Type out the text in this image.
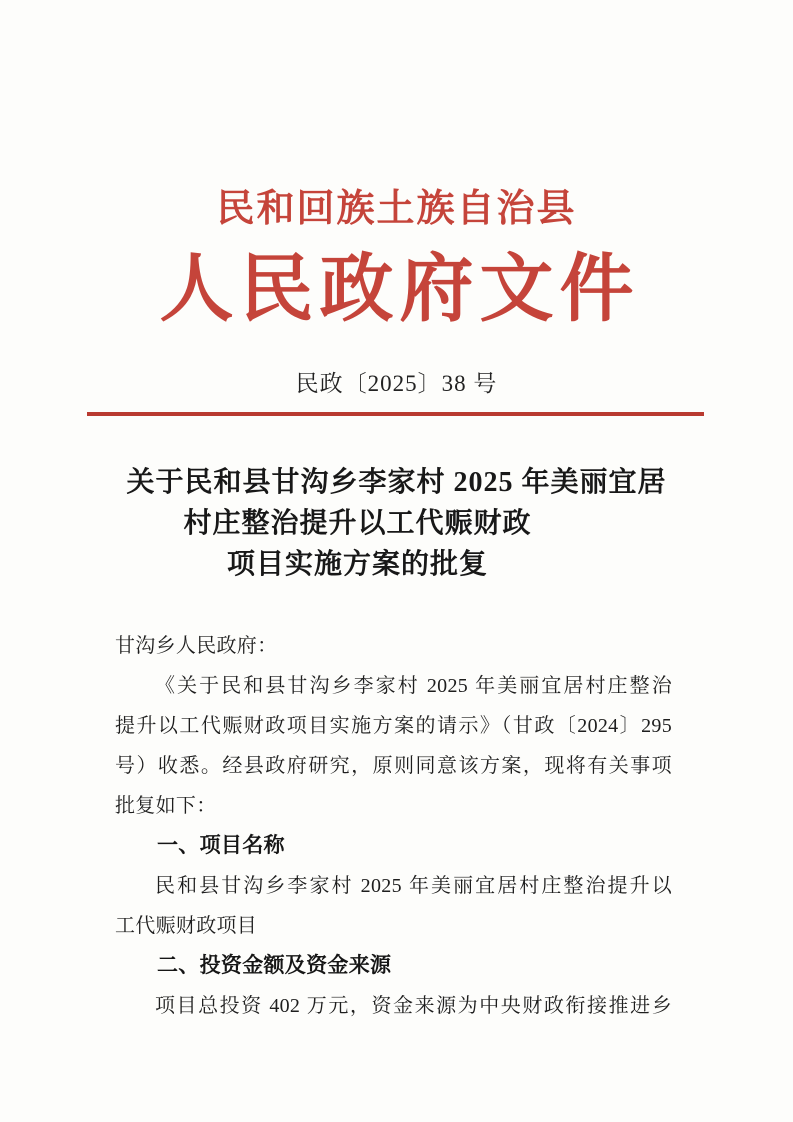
民和回族土族自治县
人民政府文件
民政〔2025〕38 号
关于民和县甘沟乡李家村 2025 年美丽宜居
村庄整治提升以工代赈财政
项目实施方案的批复
甘沟乡人民政府：
《关于民和县甘沟乡李家村 2025 年美丽宜居村庄整治
提升以工代赈财政项目实施方案的请示》（甘政〔2024〕295
号）收悉。经县政府研究，原则同意该方案，现将有关事项
批复如下：
一、项目名称
民和县甘沟乡李家村 2025 年美丽宜居村庄整治提升以
工代赈财政项目
二、投资金额及资金来源
项目总投资 402 万元，资金来源为中央财政衔接推进乡
